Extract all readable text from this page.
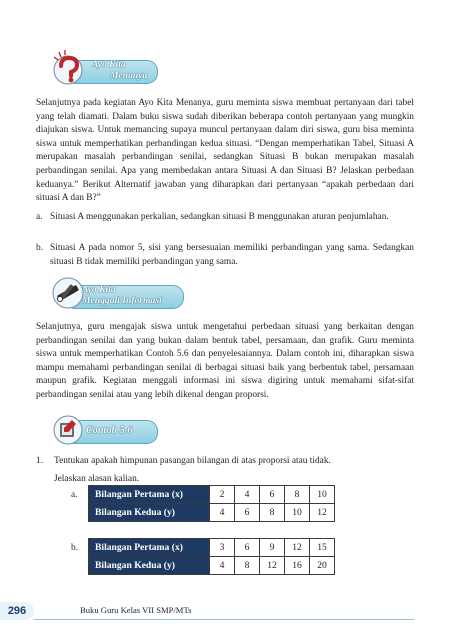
Ayo Kita
Menanya

Selanjutnya pada kegiatan Ayo Kita Menanya, guru meminta siswa membuat pertanyaan dari tabel yang telah diamati. Dalam buku siswa sudah diberikan beberapa contoh pertanyaan yang mungkin diajukan siswa. Untuk memancing supaya muncul pertanyaan dalam diri siswa, guru bisa meminta siswa untuk memperhatikan perbandingan kedua situasi. “Dengan memperhatikan Tabel, Situasi A merupakan masalah perbandingan senilai, sedangkan Situasi B bukan merupakan masalah perbandingan senilai. Apa yang membedakan antara Situasi A dan Situasi B? Jelaskan perbedaan keduanya.” Berikut Alternatif jawaban yang diharapkan dari pertanyaan “apakah perbedaan dari situasi A dan B?”

a. Situasi A menggunakan perkalian, sedangkan situasi B menggunakan aturan penjumlahan.
b. Situasi A pada nomor 5, sisi yang bersesuaian memiliki perbandingan yang sama. Sedangkan situasi B tidak memiliki perbandingan yang sama.
Ayo Kita
Menggali Informasi

Selanjutnya, guru mengajak siswa untuk mengetahui perbedaan situasi yang berkaitan dengan perbandingan senilai dan yang bukan dalam bentuk tabel, persamaan, dan grafik. Guru meminta siswa untuk memperhatikan Contoh 5.6 dan penyelesaiannya. Dalam contoh ini, diharapkan siswa mampu memahami perbandingan senilai di berbagai situasi baik yang berbentuk tabel, persamaan maupun grafik. Kegiatan menggali informasi ini siswa digiring untuk memahami sifat-sifat perbandingan senilai atau yang lebih dikenal dengan proporsi.

Contoh 5.6
1. Tentukan apakah himpunan pasangan bilangan di atas proporsi atau tidak.
Jelaskan alasan kalian.
a. Bilangan Pertama (x)	2	4	6	8	10
Bilangan Kedua (y)	4	6	8	10	12
b. Bilangan Pertama (x)	3	6	9	12	15
Bilangan Kedua (y)	4	8	12	16	20
296	Buku Guru Kelas VII SMP/MTs
